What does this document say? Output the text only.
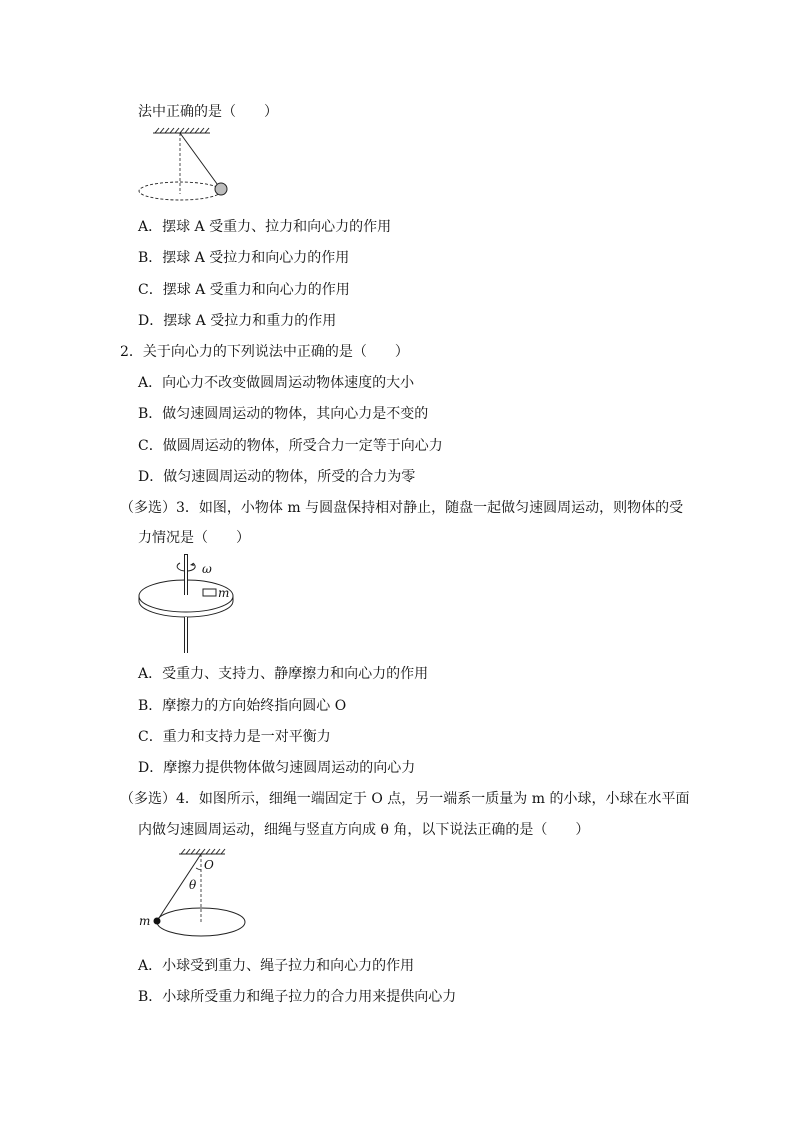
法中正确的是（　　）
A．摆球 A 受重力、拉力和向心力的作用
B．摆球 A 受拉力和向心力的作用
C．摆球 A 受重力和向心力的作用
D．摆球 A 受拉力和重力的作用
2．关于向心力的下列说法中正确的是（　　）
A．向心力不改变做圆周运动物体速度的大小
B．做匀速圆周运动的物体，其向心力是不变的
C．做圆周运动的物体，所受合力一定等于向心力
D．做匀速圆周运动的物体，所受的合力为零
（多选）3．如图，小物体 m 与圆盘保持相对静止，随盘一起做匀速圆周运动，则物体的受
力情况是（　　）
ω
m
A．受重力、支持力、静摩擦力和向心力的作用
B．摩擦力的方向始终指向圆心 O
C．重力和支持力是一对平衡力
D．摩擦力提供物体做匀速圆周运动的向心力
（多选）4．如图所示，细绳一端固定于 O 点，另一端系一质量为 m 的小球，小球在水平面
内做匀速圆周运动，细绳与竖直方向成 θ 角，以下说法正确的是（　　）
O
θ
m
A．小球受到重力、绳子拉力和向心力的作用
B．小球所受重力和绳子拉力的合力用来提供向心力
